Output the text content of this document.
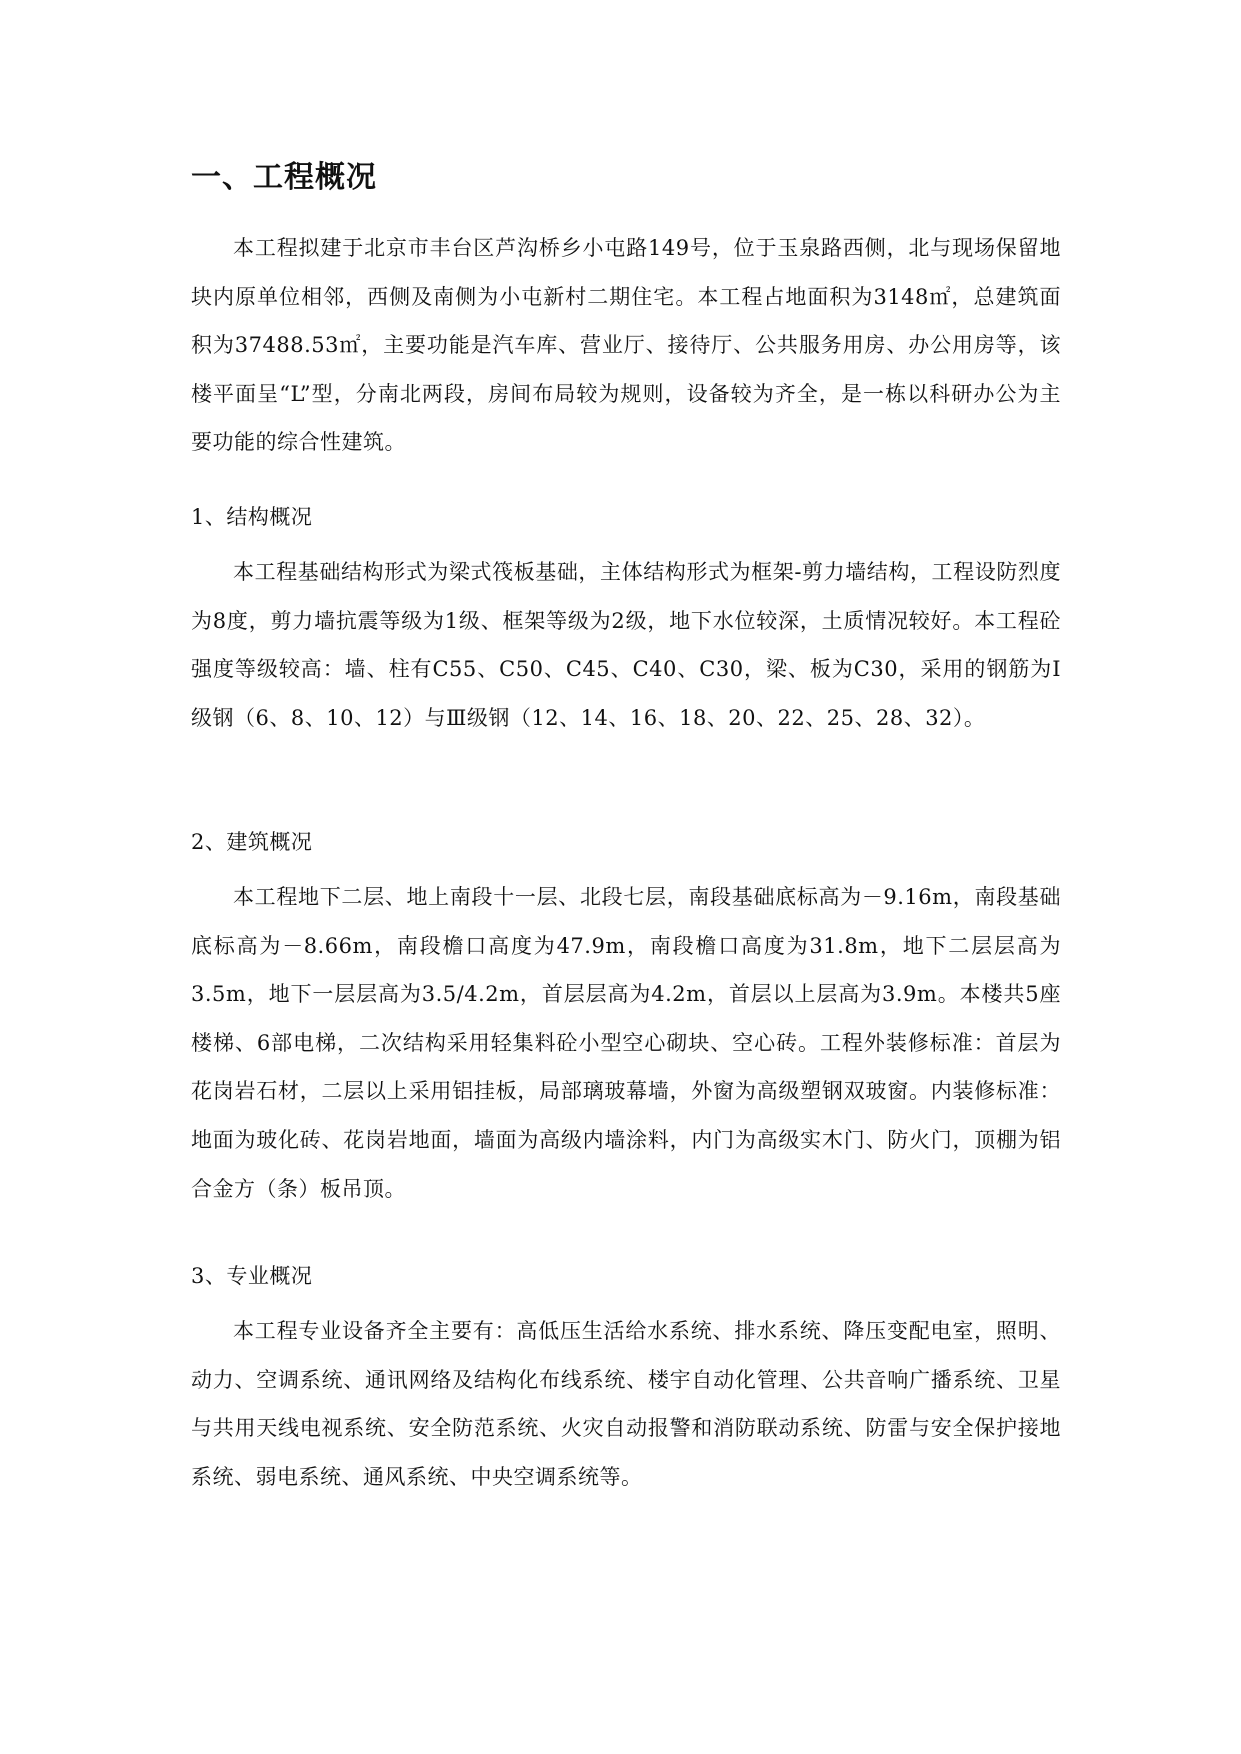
一、工程概况

本工程拟建于北京市丰台区芦沟桥乡小屯路149号，位于玉泉路西侧，北与现场保留地块内原单位相邻，西侧及南侧为小屯新村二期住宅。本工程占地面积为3148㎡，总建筑面积为37488.53㎡，主要功能是汽车库、营业厅、接待厅、公共服务用房、办公用房等，该楼平面呈“L”型，分南北两段，房间布局较为规则，设备较为齐全，是一栋以科研办公为主要功能的综合性建筑。

1、结构概况

本工程基础结构形式为梁式筏板基础，主体结构形式为框架-剪力墙结构，工程设防烈度为8度，剪力墙抗震等级为1级、框架等级为2级，地下水位较深，土质情况较好。本工程砼强度等级较高：墙、柱有C55、C50、C45、C40、C30，梁、板为C30，采用的钢筋为Ⅰ级钢（6、8、10、12）与Ⅲ级钢（12、14、16、18、20、22、25、28、32）。

2、建筑概况

本工程地下二层、地上南段十一层、北段七层，南段基础底标高为－9.16m，南段基础底标高为－8.66m，南段檐口高度为47.9m，南段檐口高度为31.8m，地下二层层高为3.5m，地下一层层高为3.5/4.2m，首层层高为4.2m，首层以上层高为3.9m。本楼共5座楼梯、6部电梯，二次结构采用轻集料砼小型空心砌块、空心砖。工程外装修标准：首层为花岗岩石材，二层以上采用铝挂板，局部璃玻幕墙，外窗为高级塑钢双玻窗。内装修标准：地面为玻化砖、花岗岩地面，墙面为高级内墙涂料，内门为高级实木门、防火门，顶棚为铝合金方（条）板吊顶。

3、专业概况

本工程专业设备齐全主要有：高低压生活给水系统、排水系统、降压变配电室，照明、动力、空调系统、通讯网络及结构化布线系统、楼宇自动化管理、公共音响广播系统、卫星与共用天线电视系统、安全防范系统、火灾自动报警和消防联动系统、防雷与安全保护接地系统、弱电系统、通风系统、中央空调系统等。
